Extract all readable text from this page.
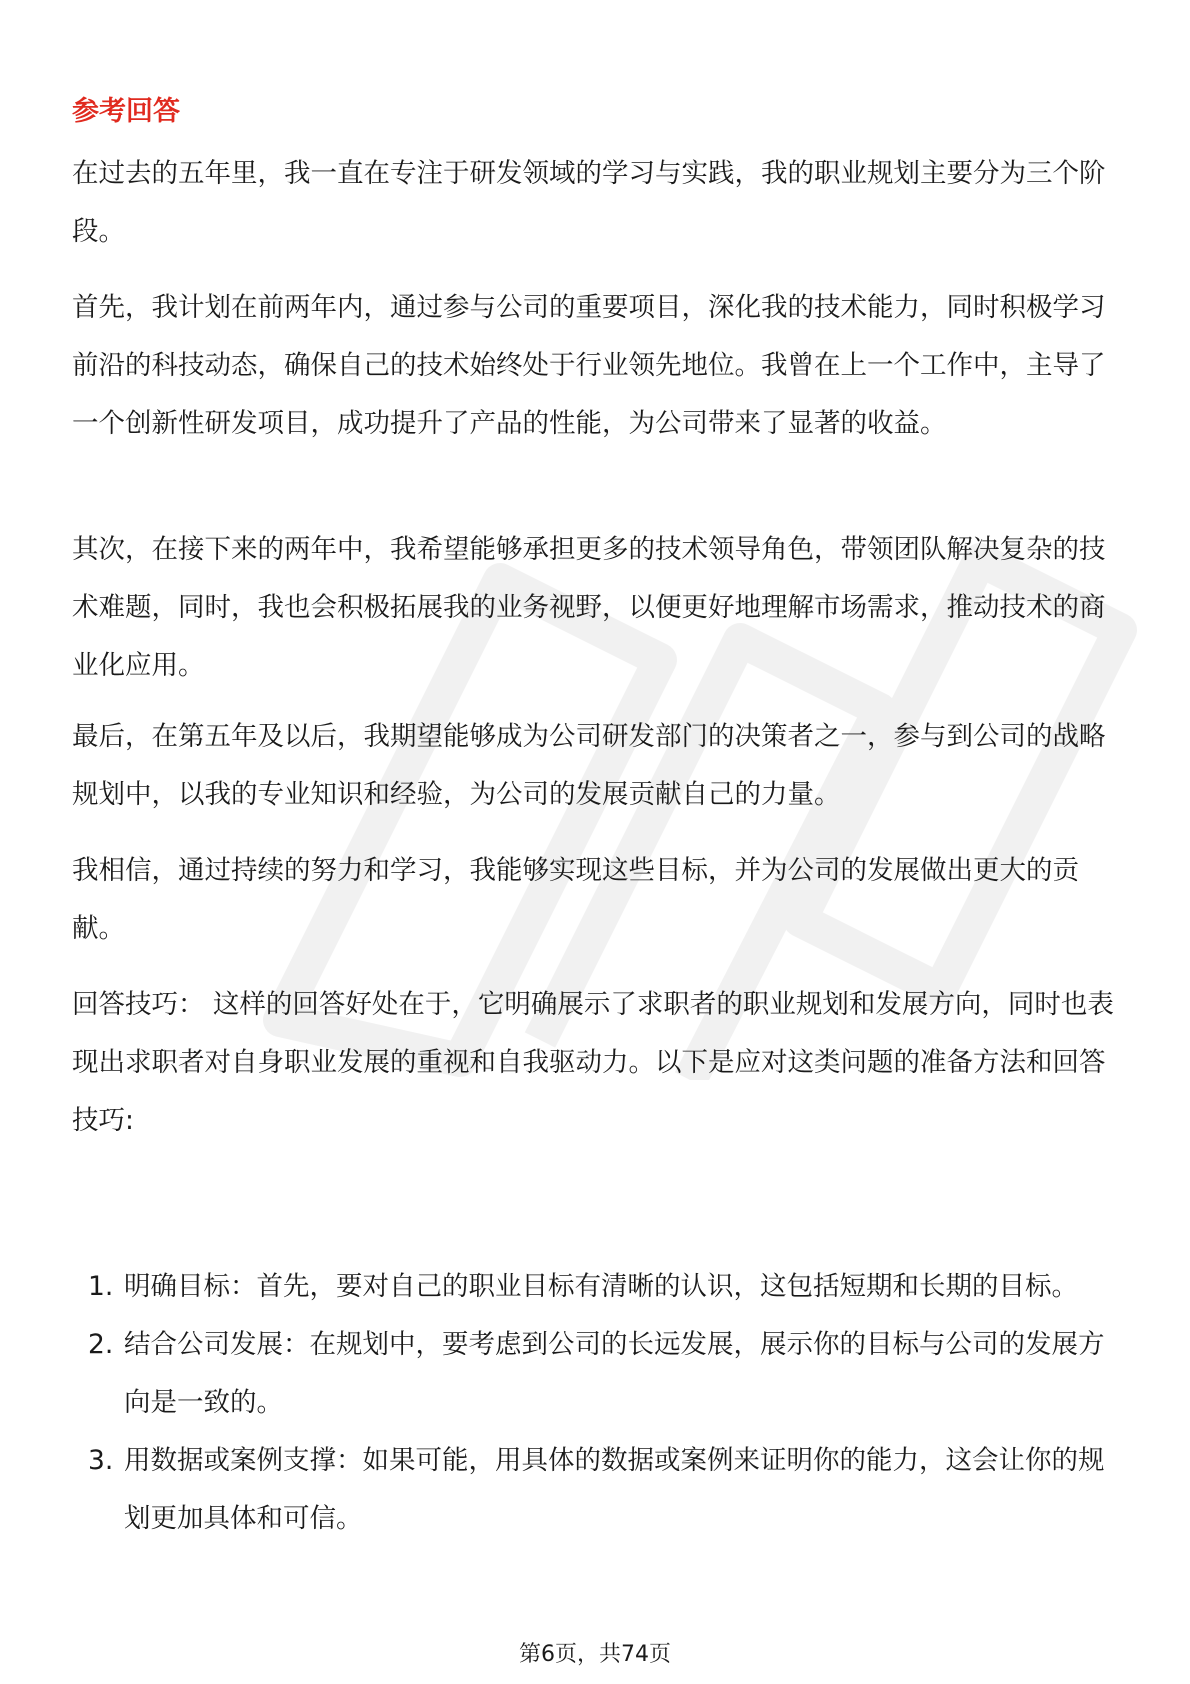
参考回答

在过去的五年里，我一直在专注于研发领域的学习与实践，我的职业规划主要分为三个阶段。

首先，我计划在前两年内，通过参与公司的重要项目，深化我的技术能力，同时积极学习前沿的科技动态，确保自己的技术始终处于行业领先地位。我曾在上一个工作中，主导了一个创新性研发项目，成功提升了产品的性能，为公司带来了显著的收益。

其次，在接下来的两年中，我希望能够承担更多的技术领导角色，带领团队解决复杂的技术难题，同时，我也会积极拓展我的业务视野，以便更好地理解市场需求，推动技术的商业化应用。

最后，在第五年及以后，我期望能够成为公司研发部门的决策者之一，参与到公司的战略规划中，以我的专业知识和经验，为公司的发展贡献自己的力量。

我相信，通过持续的努力和学习，我能够实现这些目标，并为公司的发展做出更大的贡献。

回答技巧： 这样的回答好处在于，它明确展示了求职者的职业规划和发展方向，同时也表现出求职者对自身职业发展的重视和自我驱动力。以下是应对这类问题的准备方法和回答技巧:

1. 明确目标：首先，要对自己的职业目标有清晰的认识，这包括短期和长期的目标。
2. 结合公司发展：在规划中，要考虑到公司的长远发展，展示你的目标与公司的发展方向是一致的。
3. 用数据或案例支撑：如果可能，用具体的数据或案例来证明你的能力，这会让你的规划更加具体和可信。
第6页，共74页
